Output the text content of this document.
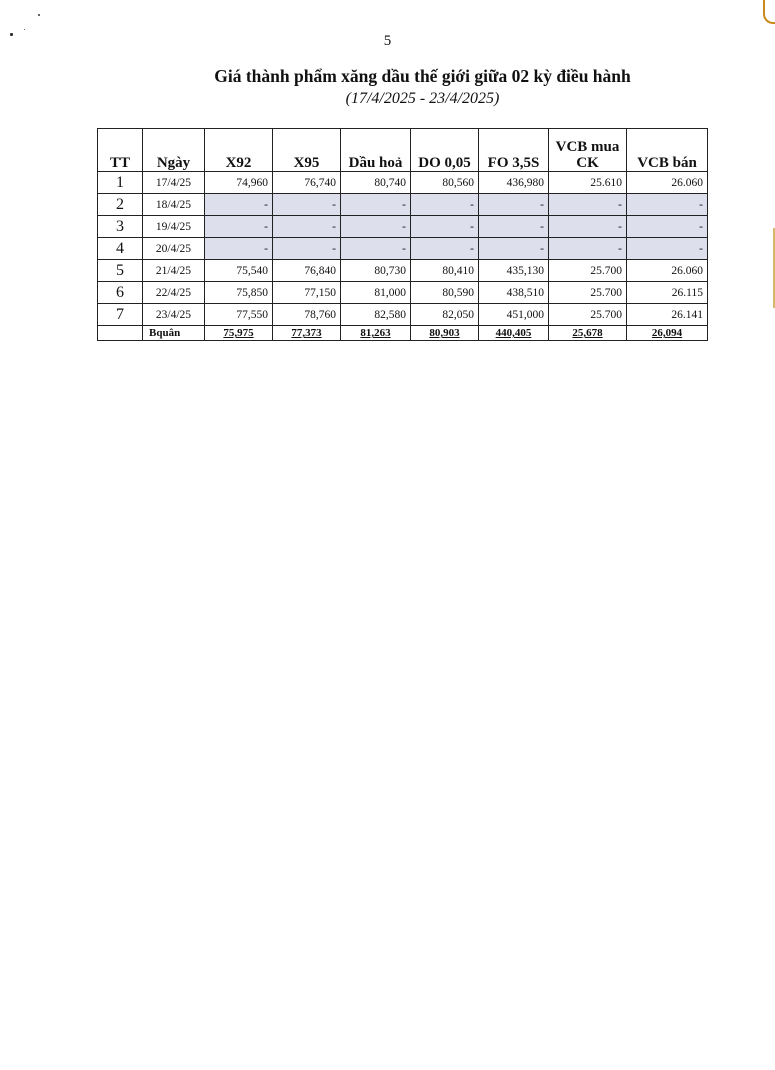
5
Giá thành phẩm xăng dầu thế giới giữa 02 kỳ điều hành
(17/4/2025 - 23/4/2025)
TT	Ngày	X92	X95	Dầu hoả	DO 0,05	FO 3,5S	VCB mua CK	VCB bán
1	17/4/25	74,960	76,740	80,740	80,560	436,980	25.610	26.060
2	18/4/25	-	-	-	-	-	-	-
3	19/4/25	-	-	-	-	-	-	-
4	20/4/25	-	-	-	-	-	-	-
5	21/4/25	75,540	76,840	80,730	80,410	435,130	25.700	26.060
6	22/4/25	75,850	77,150	81,000	80,590	438,510	25.700	26.115
7	23/4/25	77,550	78,760	82,580	82,050	451,000	25.700	26.141
	Bquân	75,975	77,373	81,263	80,903	440,405	25,678	26,094
